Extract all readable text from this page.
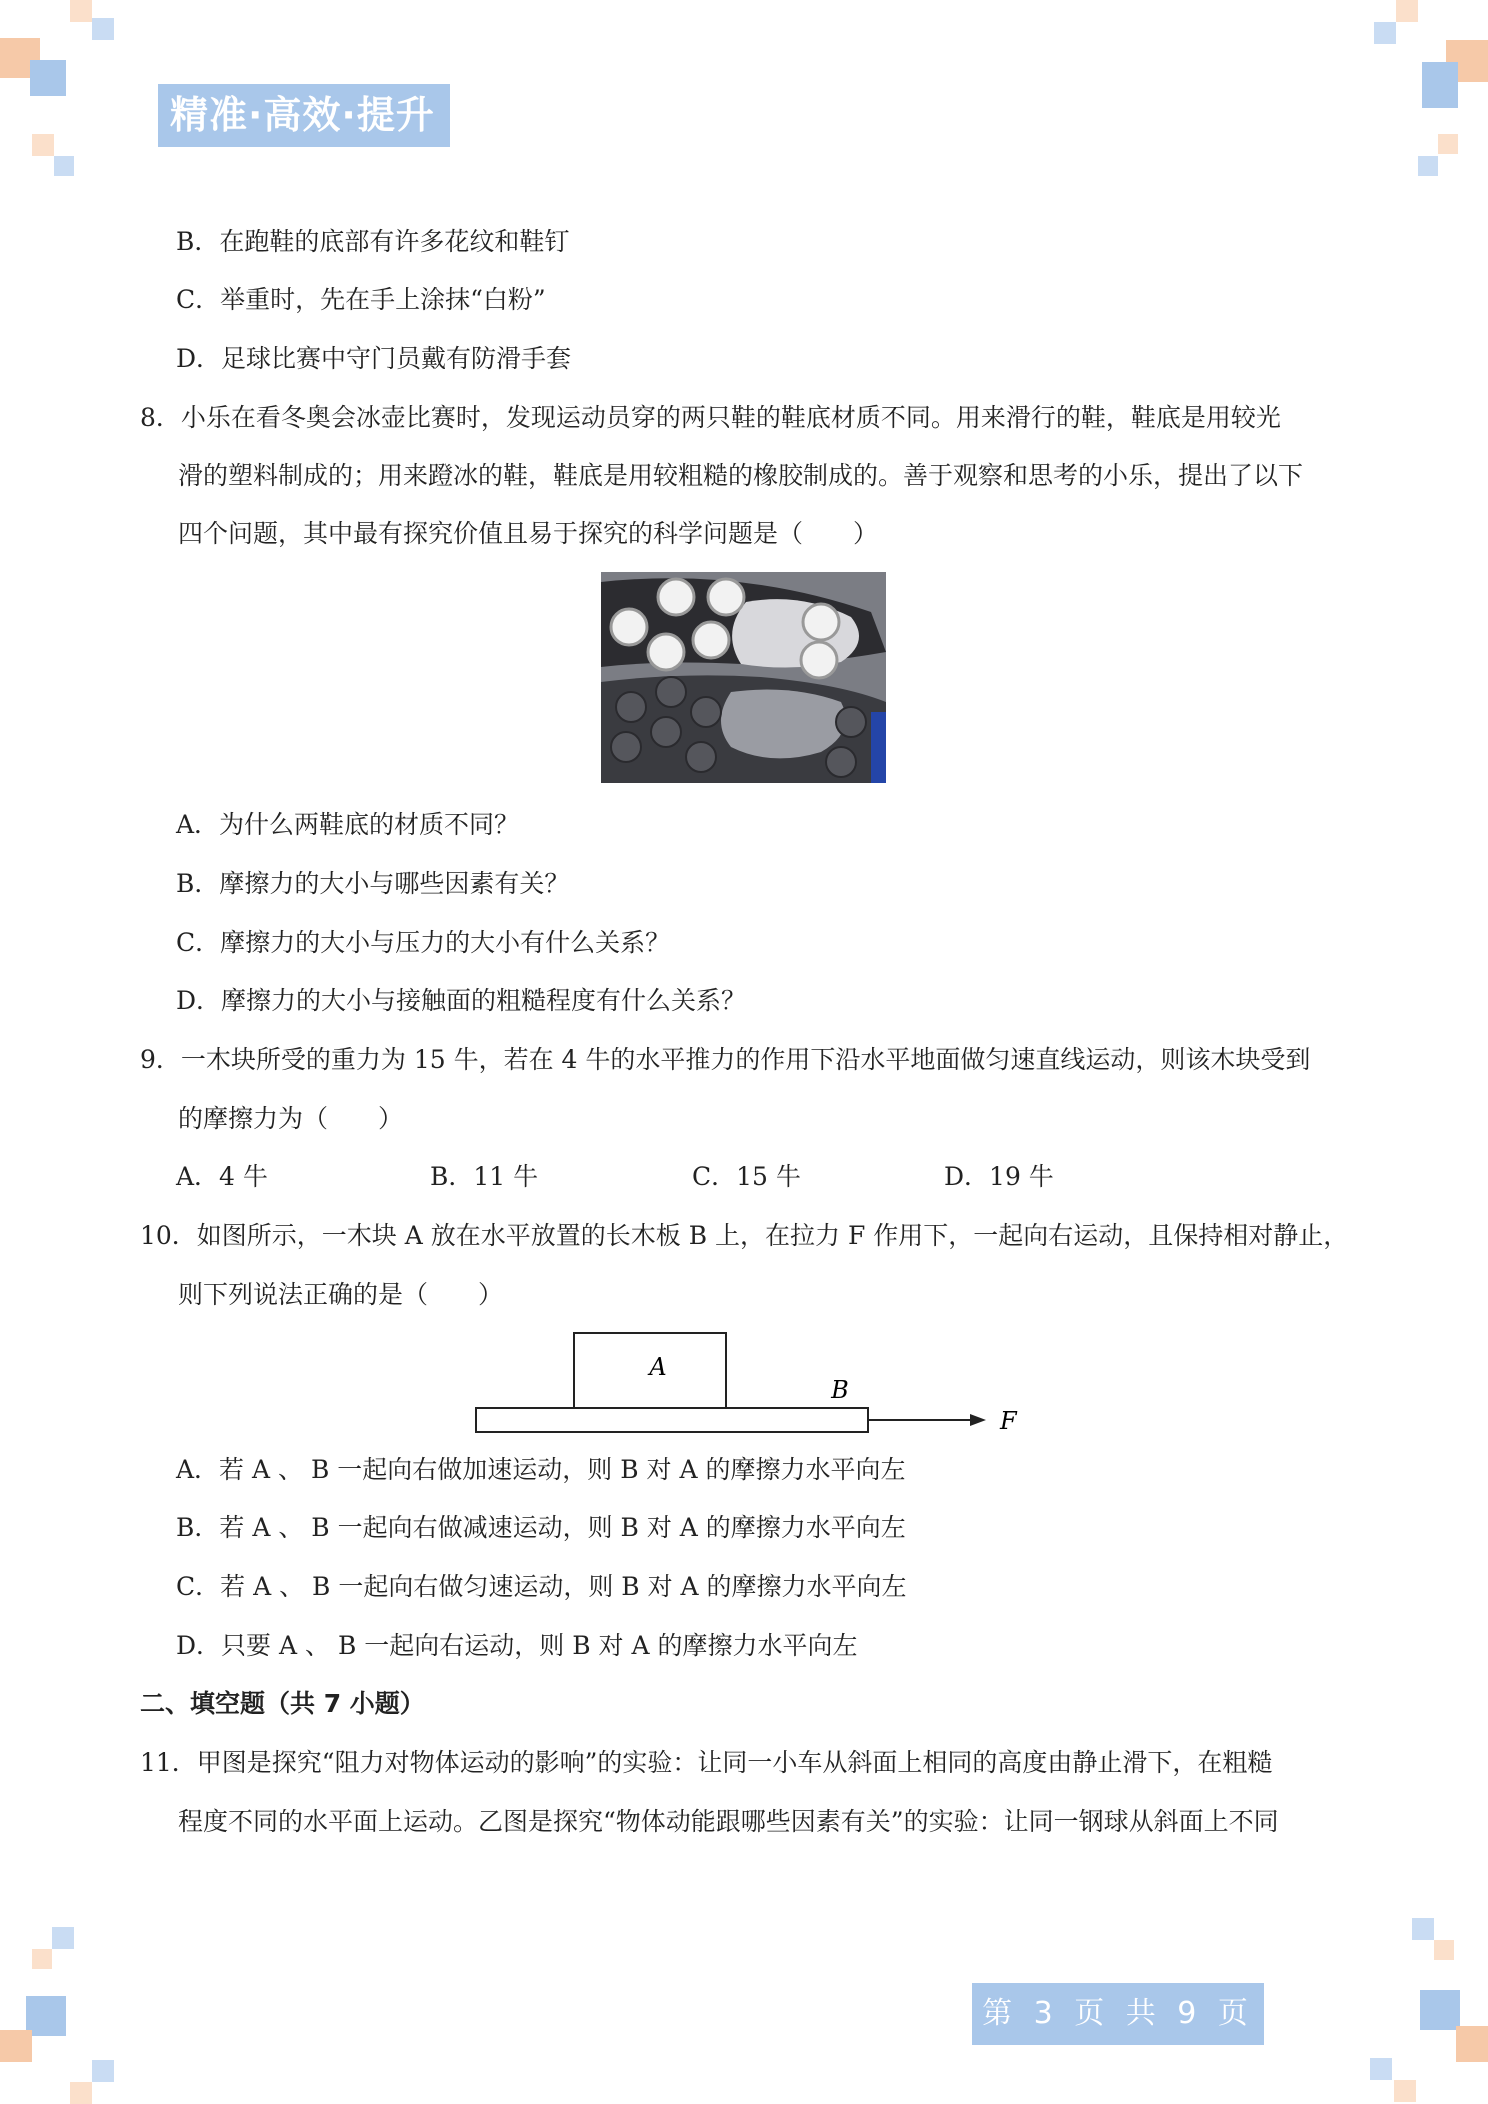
精准·高效·提升
B．在跑鞋的底部有许多花纹和鞋钉
C．举重时，先在手上涂抹“白粉”
D．足球比赛中守门员戴有防滑手套
8．小乐在看冬奥会冰壶比赛时，发现运动员穿的两只鞋的鞋底材质不同。用来滑行的鞋，鞋底是用较光
滑的塑料制成的；用来蹬冰的鞋，鞋底是用较粗糙的橡胶制成的。善于观察和思考的小乐，提出了以下
四个问题，其中最有探究价值且易于探究的科学问题是（　　）
A．为什么两鞋底的材质不同？
B．摩擦力的大小与哪些因素有关？
C．摩擦力的大小与压力的大小有什么关系？
D．摩擦力的大小与接触面的粗糙程度有什么关系？
9．一木块所受的重力为 15 牛，若在 4 牛的水平推力的作用下沿水平地面做匀速直线运动，则该木块受到
的摩擦力为（　　）
A．4 牛	B．11 牛	C．15 牛	D．19 牛
10．如图所示，一木块 A 放在水平放置的长木板 B 上，在拉力 F 作用下，一起向右运动，且保持相对静止，
则下列说法正确的是（　　）
A
B
F
A．若 A 、 B 一起向右做加速运动，则 B 对 A 的摩擦力水平向左
B．若 A 、 B 一起向右做减速运动，则 B 对 A 的摩擦力水平向左
C．若 A 、 B 一起向右做匀速运动，则 B 对 A 的摩擦力水平向左
D．只要 A 、 B 一起向右运动，则 B 对 A 的摩擦力水平向左
二、填空题（共 7 小题）
11．甲图是探究“阻力对物体运动的影响”的实验：让同一小车从斜面上相同的高度由静止滑下，在粗糙
程度不同的水平面上运动。乙图是探究“物体动能跟哪些因素有关”的实验：让同一钢球从斜面上不同
第 3 页 共 9 页
